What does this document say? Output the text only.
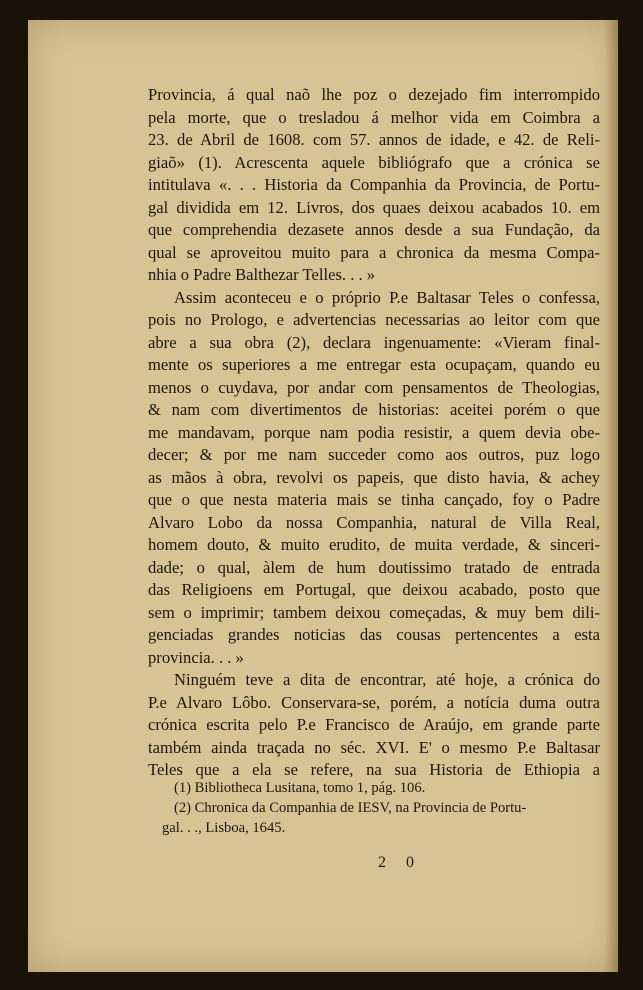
Provincia, á qual naõ lhe poz o dezejado fim interrompido
pela morte, que o tresladou á melhor vida em Coimbra a
23. de Abril de 1608. com 57. annos de idade, e 42. de Reli-
giaõ» (1). Acrescenta aquele bibliógrafo que a crónica se
intitulava «. . . Historia da Companhia da Provincia, de Portu-
gal dividida em 12. Livros, dos quaes deixou acabados 10. em
que comprehendia dezasete annos desde a sua Fundação, da
qual se aproveitou muito para a chronica da mesma Compa-
nhia o Padre Balthezar Telles. . . »
Assim aconteceu e o próprio P.e Baltasar Teles o confessa,
pois no Prologo, e advertencias necessarias ao leitor com que
abre a sua obra (2), declara ingenuamente: «Vieram final-
mente os superiores a me entregar esta ocupaçam, quando eu
menos o cuydava, por andar com pensamentos de Theologias,
& nam com divertimentos de historias: aceitei porém o que
me mandavam, porque nam podia resistir, a quem devia obe-
decer; & por me nam succeder como aos outros, puz logo
as mãos à obra, revolvi os papeis, que disto havia, & achey
que o que nesta materia mais se tinha cançado, foy o Padre
Alvaro Lobo da nossa Companhia, natural de Villa Real,
homem douto, & muito erudito, de muita verdade, & sinceri-
dade; o qual, àlem de hum doutissimo tratado de entrada
das Religioens em Portugal, que deixou acabado, posto que
sem o imprimir; tambem deixou começadas, & muy bem dili-
genciadas grandes noticias das cousas pertencentes a esta
provincia. . . »
Ninguém teve a dita de encontrar, até hoje, a crónica do
P.e Alvaro Lôbo. Conservara-se, porém, a notícia duma outra
crónica escrita pelo P.e Francisco de Araújo, em grande parte
também ainda traçada no séc. XVI. E' o mesmo P.e Baltasar
Teles que a ela se refere, na sua Historia de Ethiopia a
(1) Bibliotheca Lusitana, tomo 1, pág. 106.
(2) Chronica da Companhia de IESV, na Provincia de Portu-
gal. . ., Lisboa, 1645.
2 0
